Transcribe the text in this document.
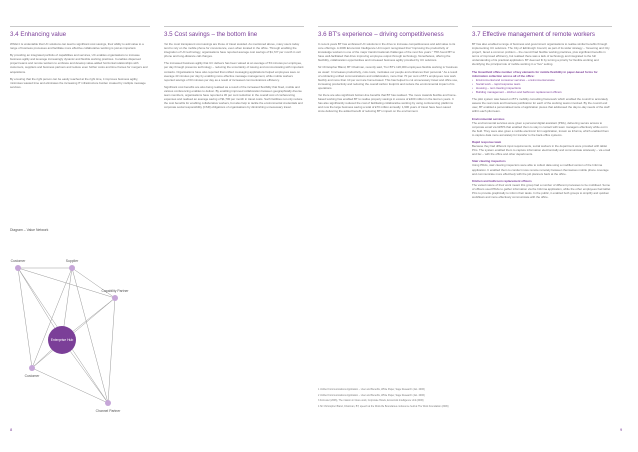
3.4 Enhancing value

Whilst it is undeniable that UC solutions can lead to significant cost savings, their ability to add value to a range of business processes and facilitate more effective collaborative working is just as important.

By providing an integrated portfolio of capabilities and services, UC enables organisations to increase business agility and leverage increasingly dynamic and flexible working practices. It enables dispersed project teams and remote workers to embrace and develop value-added horizontal relationships with customers, suppliers and business partners and reduce even further costs and time frames for mergers and acquisitions.

By ensuring that the right person can be easily reached at the right time, it improves business agility, minimises wasted time and eliminates the increasing IT infrastructure burden created by multiple message services.

Diagram – Value Network
Customer	Supplier
Capability Partner
Customer
Channel Partner
Enterprise Hub
3.5 Cost savings – the bottom line

Yet the most transparent cost savings are those of travel avoided. As mentioned above, many users today tend to rely on the mobile phone for convenience, even when located in the office. Through enabling the integration of UC technology, organisations have reported average cost savings of $1,727 per month in cell phone and long-distance call charges.

The increased business agility that UC delivers has been valued at an average of 53 minutes per employee, per day through presence technology – reducing the uncertainty of issuing and communicating with important contacts. Organisations have also reported that unified messaging applications helped employees save on average 43 minutes per day by enabling more effective message management, while mobile workers reported savings of 63 minutes per day as a result of increased communications efficiency.

Significant cost benefits are also being realised as a result of the increased flexibility that fixed, mobile and various conferencing enables to deliver. By enabling improved collaboration between geographically diverse team members, organisations have reported a 30 per cent reduction in the overall cost of conferencing expenses and realised an average saving of $1,700 per month in travel costs. Such facilities not only reduce the cost benefits for enabling collaborative workers, but also help to tackle the environmental credentials and corporate social responsibility (CSR) obligations of organisations by diminishing unnecessary travel.

3.6 BT's experience – driving competitiveness

In recent years BT has embraced UC solutions in the drive to increase competitiveness and add value to its core offerings. A 2006 Economist Intelligence Unit report recognised that "improving the productivity of knowledge workers is one of the major transformational challenges of the next five years." 75% found BT to have well-facilitated that drive improving employee output through technology. Nonetheless, offering the flexibility, collaboration opportunities and increased business agility provided by UC solutions.

Sir Christopher Bland, BT Chairman, recently said, "For BT's 120,000 employees flexible working is 'business as usual'. It increases productivity, cuts costs, motivates our people and enhances their personal." As a result of embracing unified communications and collaboration, more than 70 per cent of BT's employees now work flexibly and more than 10 per cent are home-based. This has helped to cut unnecessary travel and office use, increasing productivity and reducing the overall carbon footprint and reduce the environmental impact of its operations.

Yet there are also significant bottom-line benefits that BT has realised. The move towards flexible and home-based working has enabled BT to realise property savings in excess of £400 million in the last ten years. It has also significantly reduced the cost of facilitating collaborative working by using conferencing platforms and now the large business saving a total of £70 million annually. 1,900 years of travel have been saved since delivering the added benefit of reducing BT's impact on the environment.

1 Unified Communications Application – User and Benefits, White Paper, Sage Research (Jan. 2006)
2 Unified Communications Application – User and Benefits, White Paper, Sage Research (Jan. 2006)
3 Forrester (2006), The mission in future work, Corporate Hotels, Economist Intelligence Unit (2006)
4 Sir Christopher Bland, Chairman, BT, speech at the Work-life Boundaries conference held at The Work Foundation (2006)
3.7 Effective management of remote workers

BT has also enabled a range of business and government organisations to realise similar benefits through implementing UC solutions. The City of Edinburgh Council, as part of its wider strategy – 'Greening and City project', faced a common problem – the council had flexible working practices, plus significant benefits in terms of improved efficiency, but realised there was a lack of technology and integrated to the full understanding of its practical application. BT deemed fit by turning a priority for flexible working and identifying the principal role of mobile working in a "live" setting.

The Greenfield office number of key elements for mobile flexibility in paper-based forms for information collection across all of the office:

• Environmental and consumer services – environmental waste
• Social work – rapid response team
• Housing – rent clearing inspections
• Building management – kitchen and bathroom replacement officers

The pilot system was based on BT's mobility consulting framework which enabled the council to accurately assess the real costs and business justification for each of the working teams involved. By the council end user, BT enabled a personalised suite of application pieces that addressed the day-to-day needs of the staff within each pilot team.

Environmental services

The environmental services were given a personal digital assistant (PDA), delivering secure access to corporate email via GPRS that enabled them to stay in contact with team managers effectively while out in the field. They were also given a mobile electronic form application, known as Informa, which enabled them to capture data more accurately for transfer to the back-office systems.

Rapid response team

Because they had different input requirements, social workers in the department were provided with tablet PCs. The system enabled them to capture information electronically and communicate wirelessly – via email and fax – with the office and other departments.

Stair clearing inspectors

Using PDAs, stair clearing inspectors were able to collect data using a modified version of the Informa application. It enabled them to conduct more remote remotely between themselves mobile phone coverage and communicate more effectively with the job planners back at the office.

Kitchen and bathroom replacement officers

The varied nature of their work meant this group had a number of different processes to be mobilised. Some of officers used PDAs to gather information via the Informa application, while the other employees had tablet PCs to provide graphically to inform their tasks. In the public, it enabled both groups to simplify and quicken workflows and more effectively communicate with the office.

8	9
